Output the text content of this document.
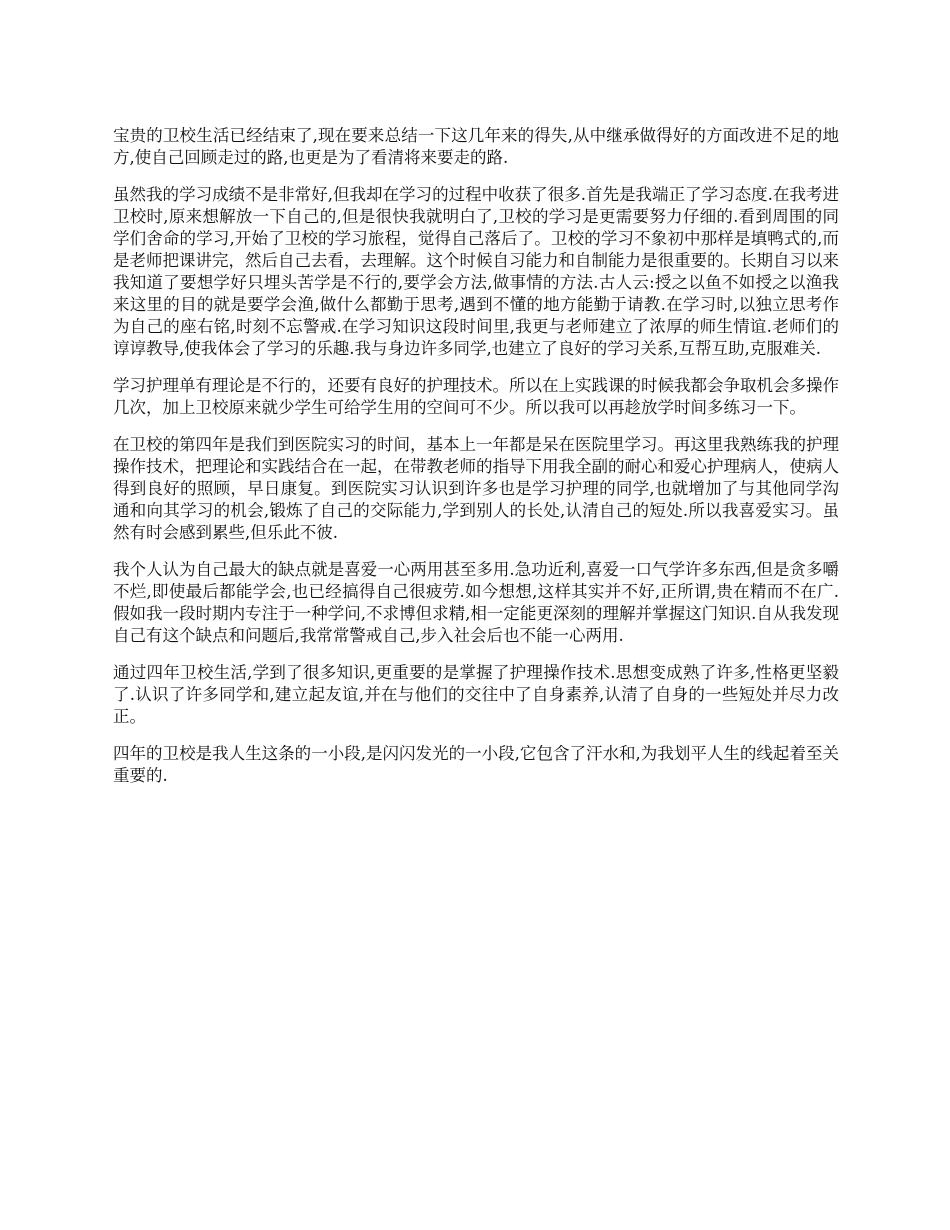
宝贵的卫校生活已经结束了,现在要来总结一下这几年来的得失,从中继承做得好的方面改进不足的地方,使自己回顾走过的路,也更是为了看清将来要走的路.

虽然我的学习成绩不是非常好,但我却在学习的过程中收获了很多.首先是我端正了学习态度.在我考进卫校时,原来想解放一下自己的,但是很快我就明白了,卫校的学习是更需要努力仔细的.看到周围的同学们舍命的学习,开始了卫校的学习旅程，觉得自己落后了。卫校的学习不象初中那样是填鸭式的,而是老师把课讲完，然后自己去看，去理解。这个时候自习能力和自制能力是很重要的。长期自习以来我知道了要想学好只埋头苦学是不行的,要学会方法,做事情的方法.古人云:授之以鱼不如授之以渔我来这里的目的就是要学会渔,做什么都勤于思考,遇到不懂的地方能勤于请教.在学习时,以独立思考作为自己的座右铭,时刻不忘警戒.在学习知识这段时间里,我更与老师建立了浓厚的师生情谊.老师们的谆谆教导,使我体会了学习的乐趣.我与身边许多同学,也建立了良好的学习关系,互帮互助,克服难关.

学习护理单有理论是不行的，还要有良好的护理技术。所以在上实践课的时候我都会争取机会多操作几次，加上卫校原来就少学生可给学生用的空间可不少。所以我可以再趁放学时间多练习一下。

在卫校的第四年是我们到医院实习的时间，基本上一年都是呆在医院里学习。再这里我熟练我的护理操作技术，把理论和实践结合在一起，在带教老师的指导下用我全副的耐心和爱心护理病人，使病人得到良好的照顾，早日康复。到医院实习认识到许多也是学习护理的同学,也就增加了与其他同学沟通和向其学习的机会,锻炼了自己的交际能力,学到别人的长处,认清自己的短处.所以我喜爱实习。虽然有时会感到累些,但乐此不彼.

我个人认为自己最大的缺点就是喜爱一心两用甚至多用.急功近利,喜爱一口气学许多东西,但是贪多嚼不烂,即使最后都能学会,也已经搞得自己很疲劳.如今想想,这样其实并不好,正所谓,贵在精而不在广.假如我一段时期内专注于一种学问,不求博但求精,相一定能更深刻的理解并掌握这门知识.自从我发现自己有这个缺点和问题后,我常常警戒自己,步入社会后也不能一心两用.

通过四年卫校生活,学到了很多知识,更重要的是掌握了护理操作技术.思想变成熟了许多,性格更坚毅了.认识了许多同学和,建立起友谊,并在与他们的交往中了自身素养,认清了自身的一些短处并尽力改正。

四年的卫校是我人生这条的一小段,是闪闪发光的一小段,它包含了汗水和,为我划平人生的线起着至关重要的.
